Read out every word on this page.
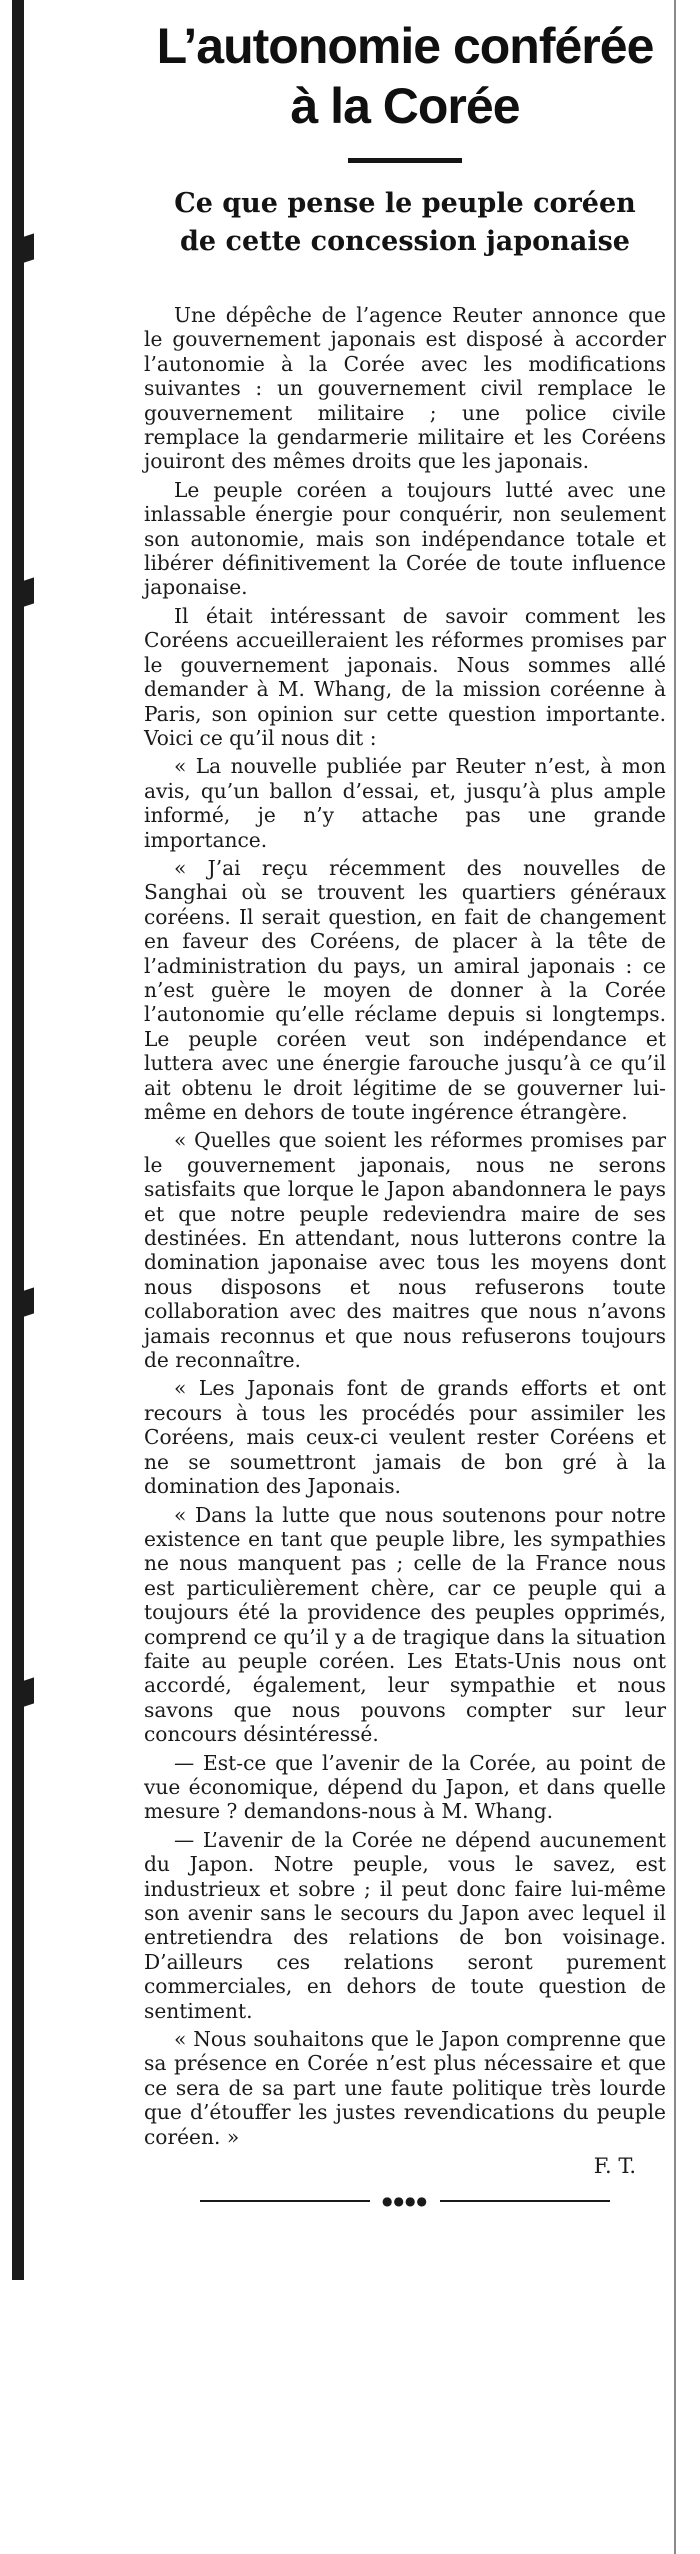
L’autonomie conférée
à la Corée
Ce que pense le peuple coréen
de cette concession japonaise

Une dépêche de l’agence Reuter annonce que le gouvernement japonais est disposé à accorder l’autonomie à la Corée avec les modifications suivantes : un gouvernement civil remplace le gouvernement militaire ; une police civile remplace la gendarmerie militaire et les Coréens jouiront des mêmes droits que les japonais.

Le peuple coréen a toujours lutté avec une inlassable énergie pour conquérir, non seulement son autonomie, mais son indépendance totale et libérer définitivement la Corée de toute influence japonaise.

Il était intéressant de savoir comment les Coréens accueilleraient les réformes promises par le gouvernement japonais. Nous sommes allé demander à M. Whang, de la mission coréenne à Paris, son opinion sur cette question importante. Voici ce qu’il nous dit :

« La nouvelle publiée par Reuter n’est, à mon avis, qu’un ballon d’essai, et, jusqu’à plus ample informé, je n’y attache pas une grande importance.

« J’ai reçu récemment des nouvelles de Sanghai où se trouvent les quartiers généraux coréens. Il serait question, en fait de changement en faveur des Coréens, de placer à la tête de l’administration du pays, un amiral japonais : ce n’est guère le moyen de donner à la Corée l’autonomie qu’elle réclame depuis si longtemps. Le peuple coréen veut son indépendance et luttera avec une énergie farouche jusqu’à ce qu’il ait obtenu le droit légitime de se gouverner lui-même en dehors de toute ingérence étrangère.

« Quelles que soient les réformes promises par le gouvernement japonais, nous ne serons satisfaits que lorque le Japon abandonnera le pays et que notre peuple redeviendra maire de ses destinées. En attendant, nous lutterons contre la domination japonaise avec tous les moyens dont nous disposons et nous refuserons toute collaboration avec des maitres que nous n’avons jamais reconnus et que nous refuserons toujours de reconnaître.

« Les Japonais font de grands efforts et ont recours à tous les procédés pour assimiler les Coréens, mais ceux-ci veulent rester Coréens et ne se soumettront jamais de bon gré à la domination des Japonais.

« Dans la lutte que nous soutenons pour notre existence en tant que peuple libre, les sympathies ne nous manquent pas ; celle de la France nous est particulièrement chère, car ce peuple qui a toujours été la providence des peuples opprimés, comprend ce qu’il y a de tragique dans la situation faite au peuple coréen. Les Etats-Unis nous ont accordé, également, leur sympathie et nous savons que nous pouvons compter sur leur concours désintéressé.

— Est-ce que l’avenir de la Corée, au point de vue économique, dépend du Japon, et dans quelle mesure ? demandons-nous à M. Whang.

— L’avenir de la Corée ne dépend aucunement du Japon. Notre peuple, vous le savez, est industrieux et sobre ; il peut donc faire lui-même son avenir sans le secours du Japon avec lequel il entretiendra des relations de bon voisinage. D’ailleurs ces relations seront purement commerciales, en dehors de toute question de sentiment.

« Nous souhaitons que le Japon comprenne que sa présence en Corée n’est plus nécessaire et que ce sera de sa part une faute politique très lourde que d’étouffer les justes revendications du peuple coréen. »

F. T.

●●●●
